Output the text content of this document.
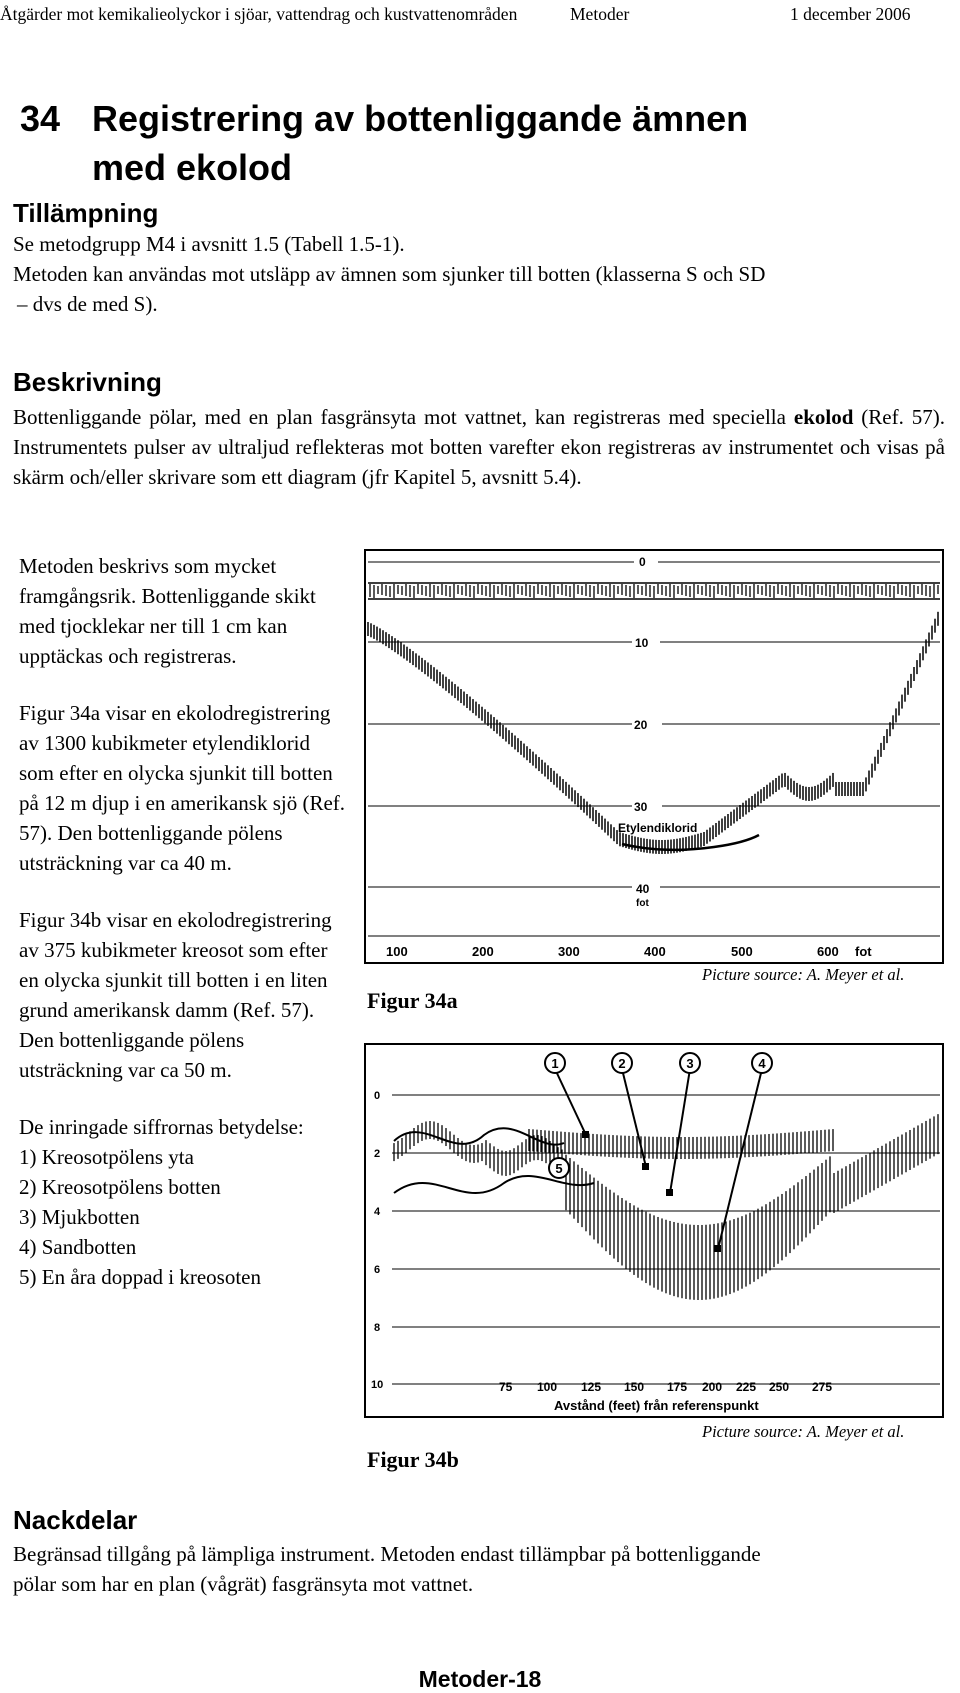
Åtgärder mot kemikalieolyckor i sjöar, vattendrag och kustvattenområden	Metoder	1 december 2006
34 Registrering av bottenliggande ämnen
med ekolod
Tillämpning

Se metodgrupp M4 i avsnitt 1.5 (Tabell 1.5-1).

Metoden kan användas mot utsläpp av ämnen som sjunker till botten (klasserna S och SD

– dvs de med S).

Beskrivning

Bottenliggande pölar, med en plan fasgränsyta mot vattnet, kan registreras med speciella ekolod (Ref. 57). Instrumentets pulser av ultraljud reflekteras mot botten varefter ekon registreras av instrumentet och visas på skärm och/eller skrivare som ett diagram (jfr Kapitel 5, avsnitt 5.4).

Metoden beskrivs som mycket framgångsrik. Bottenliggande skikt med tjocklekar ner till 1 cm kan upptäckas och registreras.

Figur 34a visar en ekolodregistrering av 1300 kubikmeter etylendiklorid som efter en olycka sjunkit till botten på 12 m djup i en amerikansk sjö (Ref. 57). Den bottenliggande pölens utsträckning var ca 40 m.

Figur 34b visar en ekolodregistrering av 375 kubikmeter kreosot som efter en olycka sjunkit till botten i en liten grund amerikansk damm (Ref. 57). Den bottenliggande pölens utsträckning var ca 50 m.

De inringade siffrornas betydelse:

1) Kreosotpölens yta

2) Kreosotpölens botten

3) Mjukbotten

4) Sandbotten

5) En åra doppad i kreosoten

0
10
20
30
40
fot
Etylendiklorid
100	200	300	400	500	600 fot
Picture source: A. Meyer et al.
Figur 34a
0
2
4
6
8
10
1	2	3	4
5
75 100 125 150 175 200 225 250 275
Avstånd (feet) från referenspunkt
Picture source: A. Meyer et al.
Figur 34b
Nackdelar

Begränsad tillgång på lämpliga instrument. Metoden endast tillämpbar på bottenliggande

pölar som har en plan (vågrät) fasgränsyta mot vattnet.

Metoder-18
